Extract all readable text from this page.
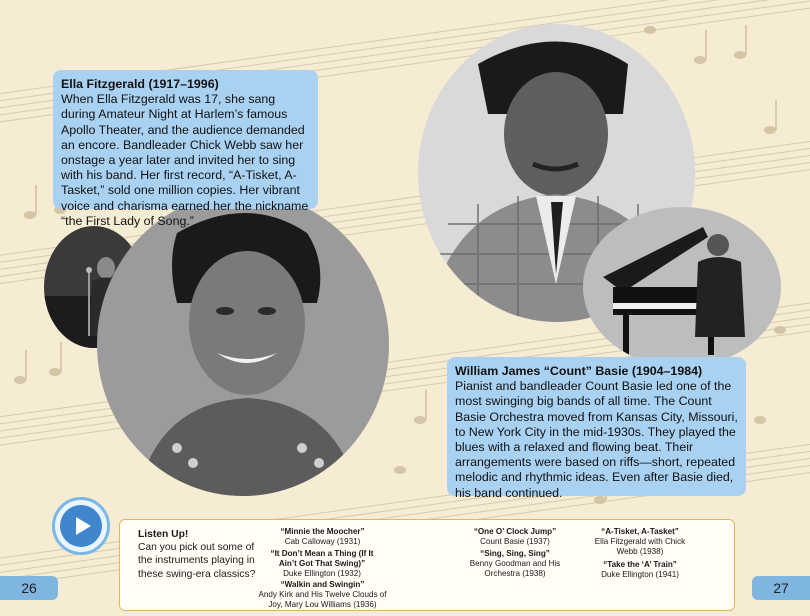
Ella Fitzgerald (1917–1996)
When Ella Fitzgerald was 17, she sang during Amateur Night at Harlem’s famous Apollo Theater, and the audience demanded an encore. Bandleader Chick Webb saw her onstage a year later and invited her to sing with his band. Her first record, “A-Tisket, A-Tasket,” sold one million copies. Her vibrant voice and charisma earned her the nickname “the First Lady of Song.”
William James “Count” Basie (1904–1984)
Pianist and bandleader Count Basie led one of the most swinging big bands of all time. The Count Basie Orchestra moved from Kansas City, Missouri, to New York City in the mid-1930s. They played the blues with a relaxed and flowing beat. Their arrangements were based on riffs—short, repeated melodic and rhythmic ideas. Even after Basie died, his band continued.
Listen Up!
Can you pick out some of the instruments playing in these swing-era classics?
“Minnie the Moocher”
Cab Calloway (1931)
“It Don’t Mean a Thing (If It Ain’t Got That Swing)”
Duke Ellington (1932)
“Walkin and Swingin”
Andy Kirk and His Twelve Clouds of Joy, Mary Lou Williams (1936)
“One O’ Clock Jump”
Count Basie (1937)
“Sing, Sing, Sing”
Benny Goodman and His Orchestra (1938)
“A-Tisket, A-Tasket”
Ella Fitzgerald with Chick Webb (1938)
“Take the ‘A’ Train”
Duke Ellington (1941)
26	27
